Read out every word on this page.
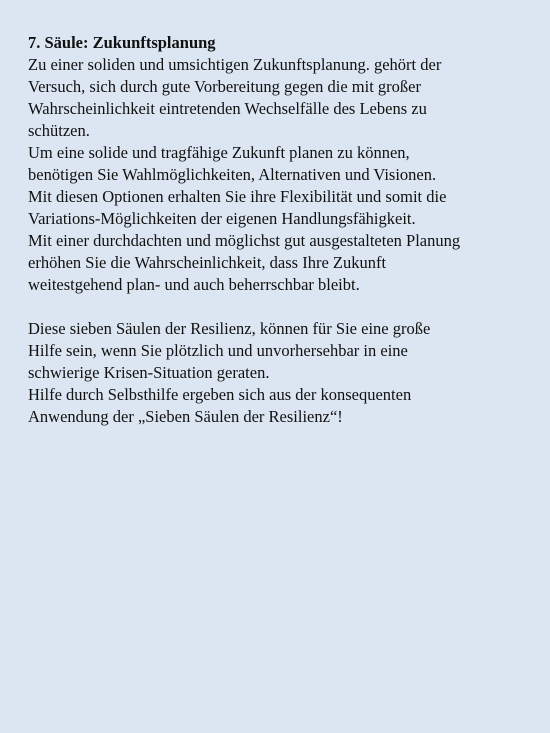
7. Säule: Zukunftsplanung

Zu einer soliden und umsichtigen Zukunftsplanung. gehört der

Versuch, sich durch gute Vorbereitung gegen die mit großer

Wahrscheinlichkeit eintretenden Wechselfälle des Lebens zu

schützen.

Um eine solide und tragfähige Zukunft planen zu können,

benötigen Sie Wahlmöglichkeiten, Alternativen und Visionen.

Mit diesen Optionen erhalten Sie ihre Flexibilität und somit die

Variations-Möglichkeiten der eigenen Handlungsfähigkeit.

Mit einer durchdachten und möglichst gut ausgestalteten Planung

erhöhen Sie die Wahrscheinlichkeit, dass Ihre Zukunft

weitestgehend plan- und auch beherrschbar bleibt.

Diese sieben Säulen der Resilienz, können für Sie eine große

Hilfe sein, wenn Sie plötzlich und unvorhersehbar in eine

schwierige Krisen-Situation geraten.

Hilfe durch Selbsthilfe ergeben sich aus der konsequenten

Anwendung der „Sieben Säulen der Resilienz“!
